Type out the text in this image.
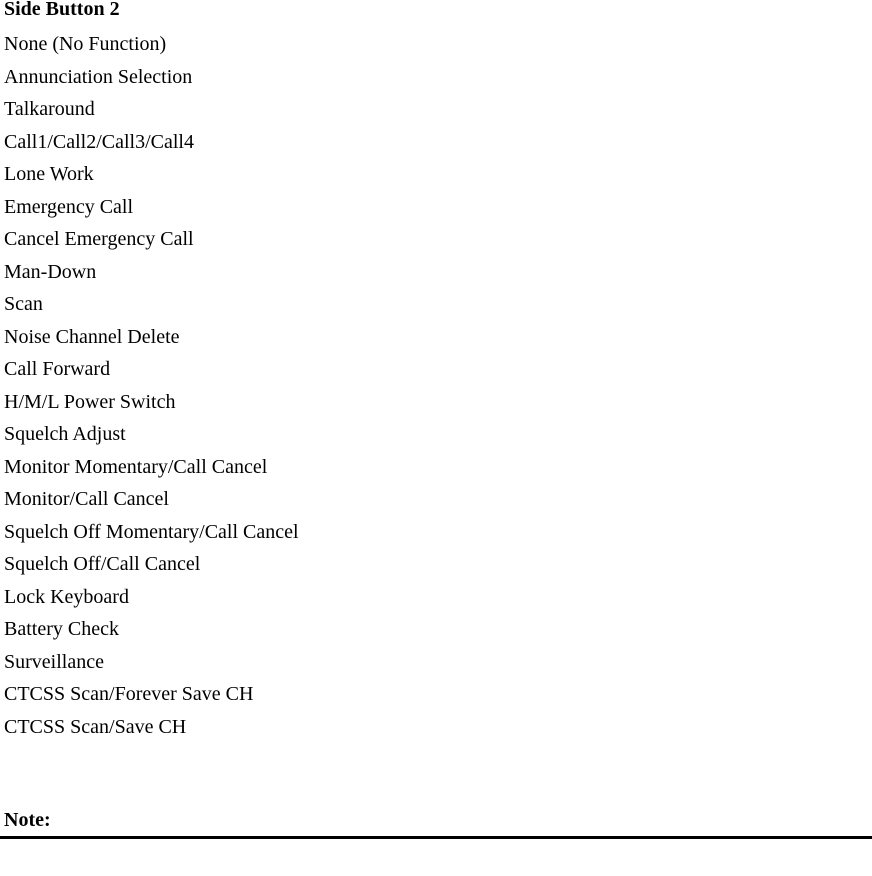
Side Button 2
None (No Function)
Annunciation Selection
Talkaround
Call1/Call2/Call3/Call4
Lone Work
Emergency Call
Cancel Emergency Call
Man-Down
Scan
Noise Channel Delete
Call Forward
H/M/L Power Switch
Squelch Adjust
Monitor Momentary/Call Cancel
Monitor/Call Cancel
Squelch Off Momentary/Call Cancel
Squelch Off/Call Cancel
Lock Keyboard
Battery Check
Surveillance
CTCSS Scan/Forever Save CH
CTCSS Scan/Save CH
Note:
